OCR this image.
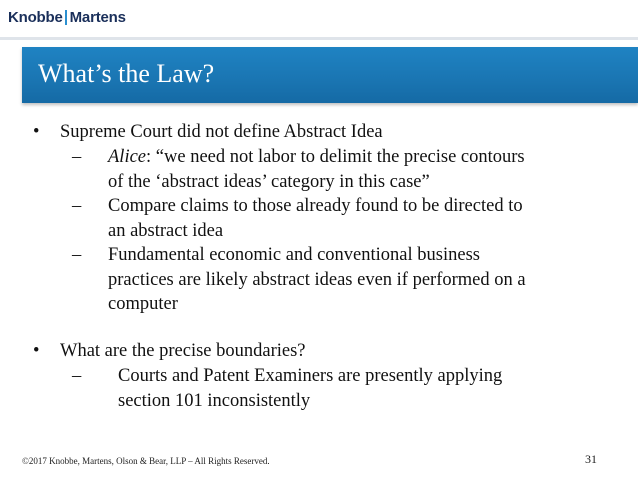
Knobbe Martens
What’s the Law?
• Supreme Court did not define Abstract Idea
– Alice: “we need not labor to delimit the precise contours
of the ‘abstract ideas’ category in this case”
– Compare claims to those already found to be directed to
an abstract idea
– Fundamental economic and conventional business
practices are likely abstract ideas even if performed on a
computer
• What are the precise boundaries?
– Courts and Patent Examiners are presently applying
section 101 inconsistently
©2017 Knobbe, Martens, Olson & Bear, LLP – All Rights Reserved.	31
